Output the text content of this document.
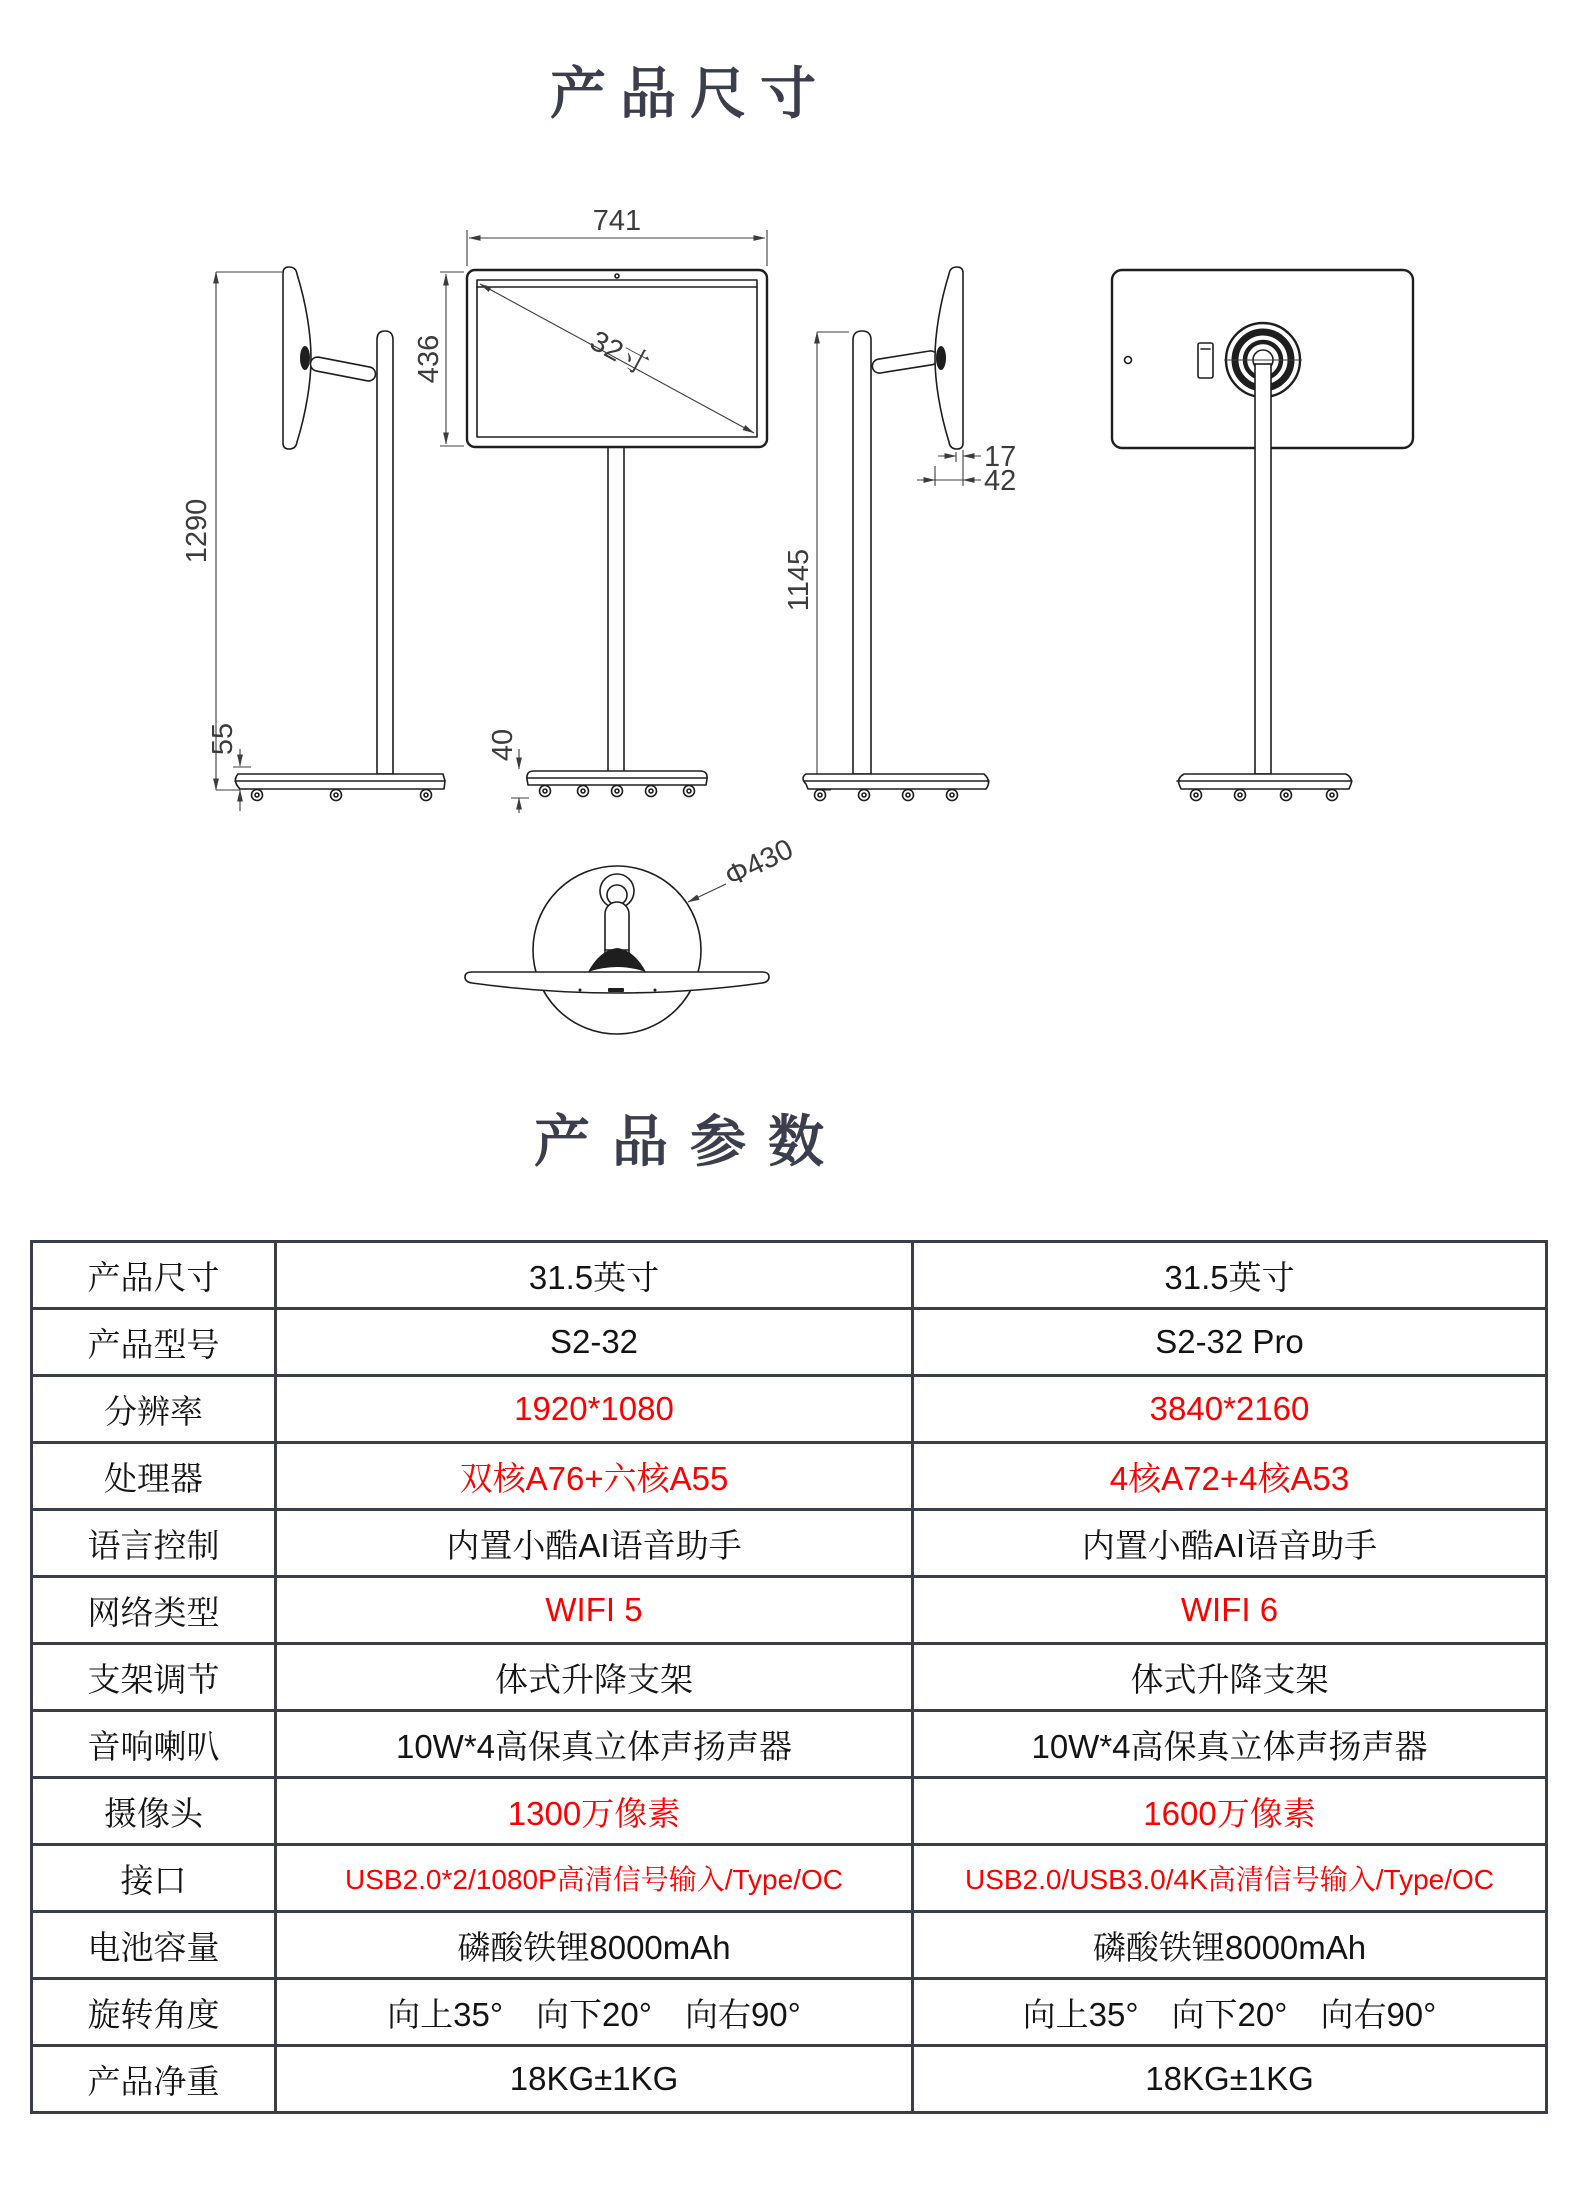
产品尺寸
1290
55
741
436	32寸
40
1145
17
42
Φ430
产品参数
产品尺寸	31.5英寸	31.5英寸
产品型号	S2-32	S2-32 Pro
分辨率	1920*1080	3840*2160
处理器	双核A76+六核A55	4核A72+4核A53
语言控制	内置小酷AI语音助手	内置小酷AI语音助手
网络类型	WIFI 5	WIFI 6
支架调节	体式升降支架	体式升降支架
音响喇叭	10W*4高保真立体声扬声器	10W*4高保真立体声扬声器
摄像头	1300万像素	1600万像素
接口	USB2.0*2/1080P高清信号输入/Type/OC	USB2.0/USB3.0/4K高清信号输入/Type/OC
电池容量	磷酸铁锂8000mAh	磷酸铁锂8000mAh
旋转角度	向上35°　向下20°　向右90°	向上35°　向下20°　向右90°
产品净重	18KG±1KG	18KG±1KG
